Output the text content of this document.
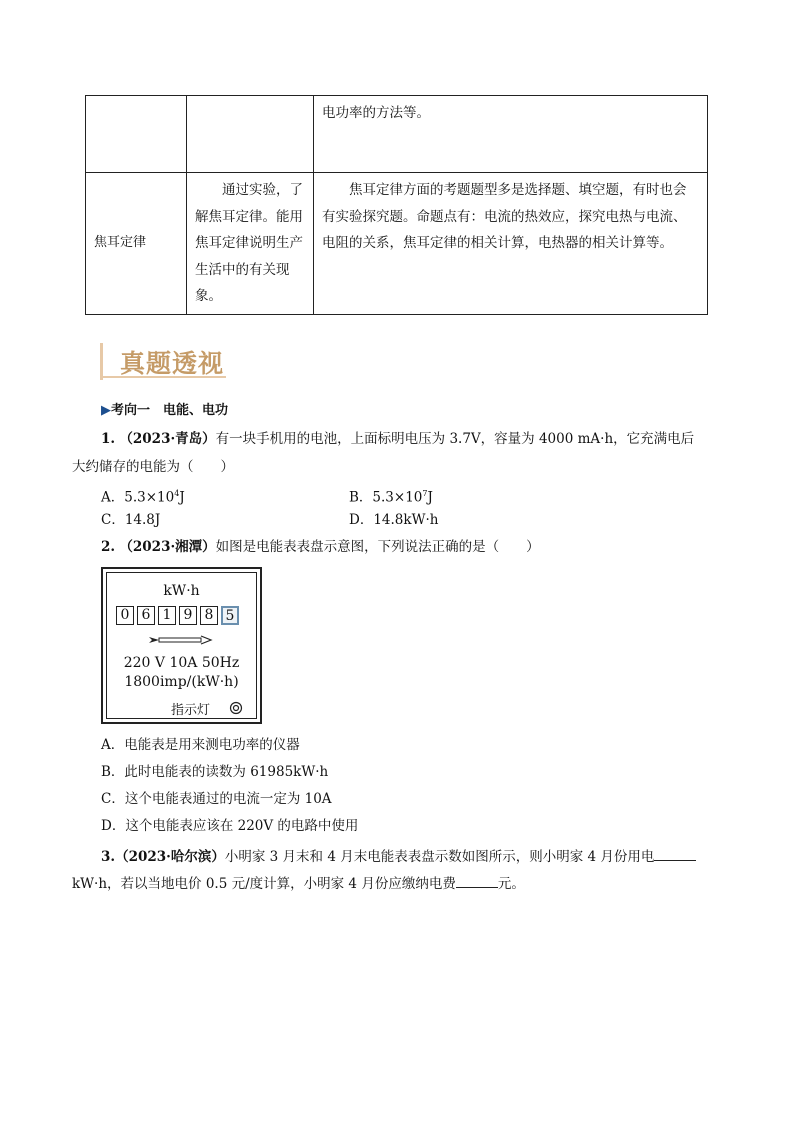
		电功率的方法等。
焦耳定律	通过实验，了解焦耳定律。能用焦耳定律说明生产生活中的有关现象。	焦耳定律方面的考题题型多是选择题、填空题，有时也会有实验探究题。命题点有：电流的热效应，探究电热与电流、电阻的关系，焦耳定律的相关计算，电热器的相关计算等。
真题透视
▶考向一　电能、电功
1. （2023·青岛）有一块手机用的电池，上面标明电压为 3.7V，容量为 4000 mA·h，它充满电后
大约储存的电能为（　　）
A．$5.3\times 10^4J$	B．$5.3\times 10^7J$
C．14.8J	D．14.8kW·h
2. （2023·湘潭）如图是电能表表盘示意图，下列说法正确的是（　　）
kW·h
0 6 1 9 8 5
220 V 10A 50Hz
1800imp/(kW·h)
指示灯
A．电能表是用来测电功率的仪器
B．此时电能表的读数为 61985kW·h
C．这个电能表通过的电流一定为 10A
D．这个电能表应该在 220V 的电路中使用
3.（2023·哈尔滨）小明家 3 月末和 4 月末电能表表盘示数如图所示，则小明家 4 月份用电
kW·h，若以当地电价 0.5 元/度计算，小明家 4 月份应缴纳电费	元。
